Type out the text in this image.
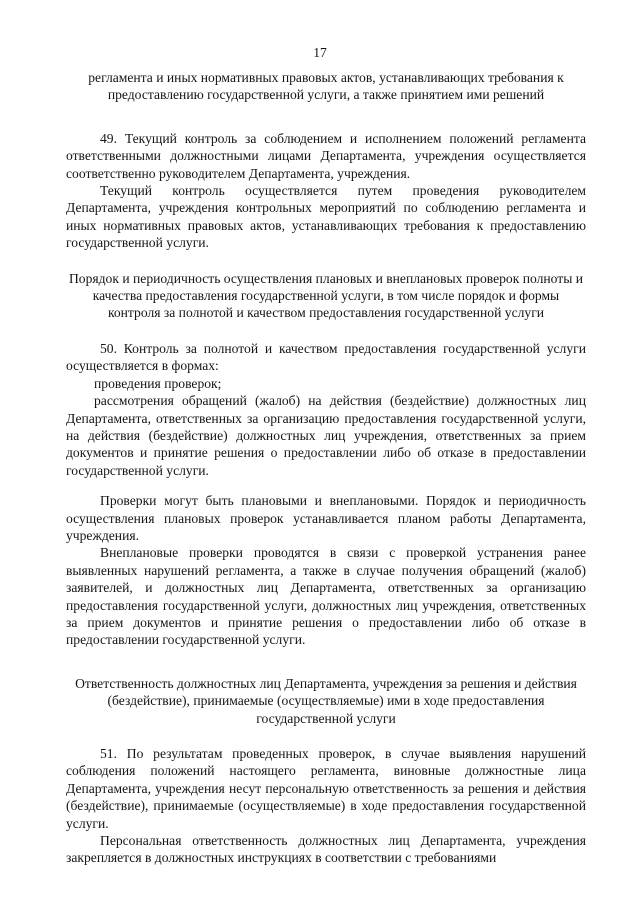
17

регламента и иных нормативных правовых актов, устанавливающих требования к предоставлению государственной услуги, а также принятием ими решений

49. Текущий контроль за соблюдением и исполнением положений регламента ответственными должностными лицами Департамента, учреждения осуществляется соответственно руководителем Департамента, учреждения.

Текущий контроль осуществляется путем проведения руководителем Департамента, учреждения контрольных мероприятий по соблюдению регламента и иных нормативных правовых актов, устанавливающих требования к предоставлению государственной услуги.

Порядок и периодичность осуществления плановых и внеплановых проверок полноты и качества предоставления государственной услуги, в том числе порядок и формы контроля за полнотой и качеством предоставления государственной услуги

50. Контроль за полнотой и качеством предоставления государственной услуги осуществляется в формах:

проведения проверок;

рассмотрения обращений (жалоб) на действия (бездействие) должностных лиц Департамента, ответственных за организацию предоставления государственной услуги, на действия (бездействие) должностных лиц учреждения, ответственных за прием документов и принятие решения о предоставлении либо об отказе в предоставлении государственной услуги.

Проверки могут быть плановыми и внеплановыми. Порядок и периодичность осуществления плановых проверок устанавливается планом работы Департамента, учреждения.

Внеплановые проверки проводятся в связи с проверкой устранения ранее выявленных нарушений регламента, а также в случае получения обращений (жалоб) заявителей, и должностных лиц Департамента, ответственных за организацию предоставления государственной услуги, должностных лиц учреждения, ответственных за прием документов и принятие решения о предоставлении либо об отказе в предоставлении государственной услуги.

Ответственность должностных лиц Департамента, учреждения за решения и действия (бездействие), принимаемые (осуществляемые) ими в ходе предоставления государственной услуги

51. По результатам проведенных проверок, в случае выявления нарушений соблюдения положений настоящего регламента, виновные должностные лица Департамента, учреждения несут персональную ответственность за решения и действия (бездействие), принимаемые (осуществляемые) в ходе предоставления государственной услуги.

Персональная ответственность должностных лиц Департамента, учреждения закрепляется в должностных инструкциях в соответствии с требованиями
